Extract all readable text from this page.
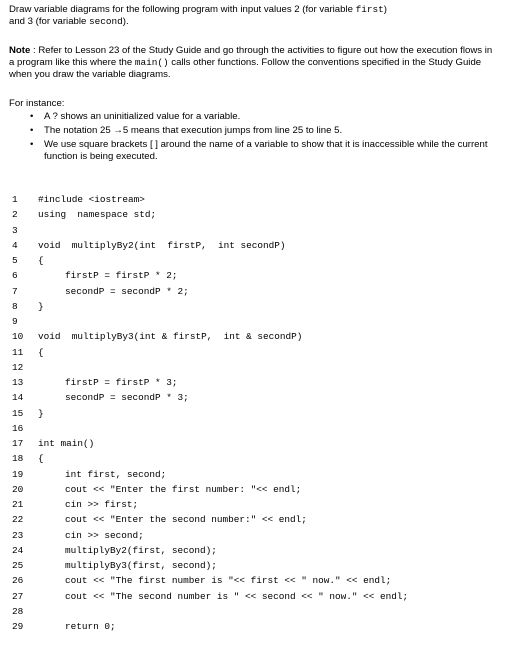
Draw variable diagrams for the following program with input values 2 (for variable first)
and 3 (for variable second).
Note : Refer to Lesson 23 of the Study Guide and go through the activities to figure out how the execution flows in a program like this where the main() calls other functions. Follow the conventions specified in the Study Guide when you draw the variable diagrams.
For instance:
• A ? shows an uninitialized value for a variable.
• The notation 25 →5 means that execution jumps from line 25 to line 5.
• We use square brackets [ ] around the name of a variable to show that it is inaccessible while the current function is being executed.
1	#include <iostream>
2	using  namespace std;
3
4	void  multiplyBy2(int  firstP,  int secondP)
5	{
6	firstP = firstP * 2;
7	secondP = secondP * 2;
8	}
9
10 void  multiplyBy3(int & firstP,  int & secondP)
11 {
12
13	firstP = firstP * 3;
14	secondP = secondP * 3;
15 }
16
17 int main()
18 {
19	int first, second;
20	cout << "Enter the first number: "<< endl;
21	cin >> first;
22	cout << "Enter the second number:" << endl;
23	cin >> second;
24	multiplyBy2(first, second);
25	multiplyBy3(first, second);
26	cout << "The first number is "<< first << " now." << endl;
27	cout << "The second number is " << second << " now." << endl;
28
29	return 0;
